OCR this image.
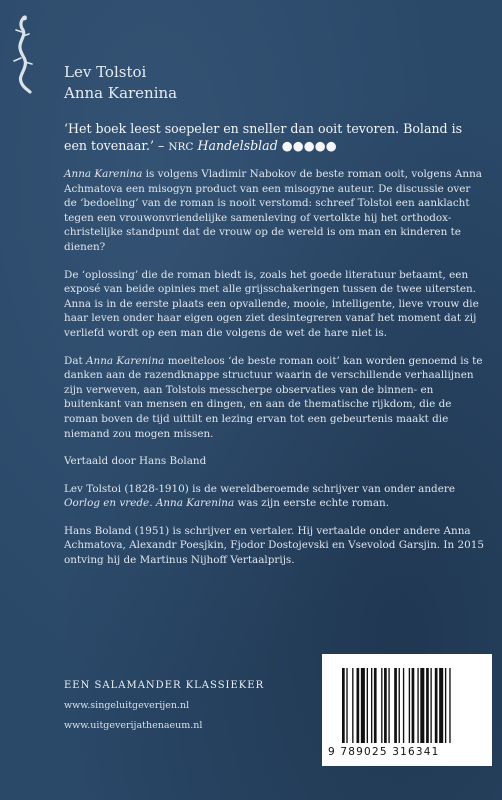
Lev Tolstoi
Anna Karenina
‘Het boek leest soepeler en sneller dan ooit tevoren. Boland is een tovenaar.’ – NRC Handelsblad ●●●●●

Anna Karenina is volgens Vladimir Nabokov de beste roman ooit, volgens Anna Achmatova een misogyn product van een misogyne auteur. De discussie over de ‘bedoeling’ van de roman is nooit verstomd: schreef Tolstoi een aanklacht tegen een vrouwonvriendelijke samenleving of vertolkte hij het orthodox-christelijke standpunt dat de vrouw op de wereld is om man en kinderen te dienen?

De ‘oplossing’ die de roman biedt is, zoals het goede literatuur betaamt, een exposé van beide opinies met alle grijsschakeringen tussen de twee uitersten. Anna is in de eerste plaats een opvallende, mooie, intelligente, lieve vrouw die haar leven onder haar eigen ogen ziet desintegreren vanaf het moment dat zij verliefd wordt op een man die volgens de wet de hare niet is.

Dat Anna Karenina moeiteloos ‘de beste roman ooit’ kan worden genoemd is te danken aan de razendknappe structuur waarin de verschillende verhaallijnen zijn verweven, aan Tolstois messcherpe observaties van de binnen- en buitenkant van mensen en dingen, en aan de thematische rijkdom, die de roman boven de tijd uittilt en lezing ervan tot een gebeurtenis maakt die niemand zou mogen missen.

Vertaald door Hans Boland

Lev Tolstoi (1828-1910) is de wereldberoemde schrijver van onder andere Oorlog en vrede. Anna Karenina was zijn eerste echte roman.

Hans Boland (1951) is schrijver en vertaler. Hij vertaalde onder andere Anna Achmatova, Alexandr Poesjkin, Fjodor Dostojevski en Vsevolod Garsjin. In 2015 ontving hij de Martinus Nijhoff Vertaalprijs.

EEN SALAMANDER KLASSIEKER
www.singeluitgeverijen.nl
www.uitgeverijathenaeum.nl
9 789025 316341
